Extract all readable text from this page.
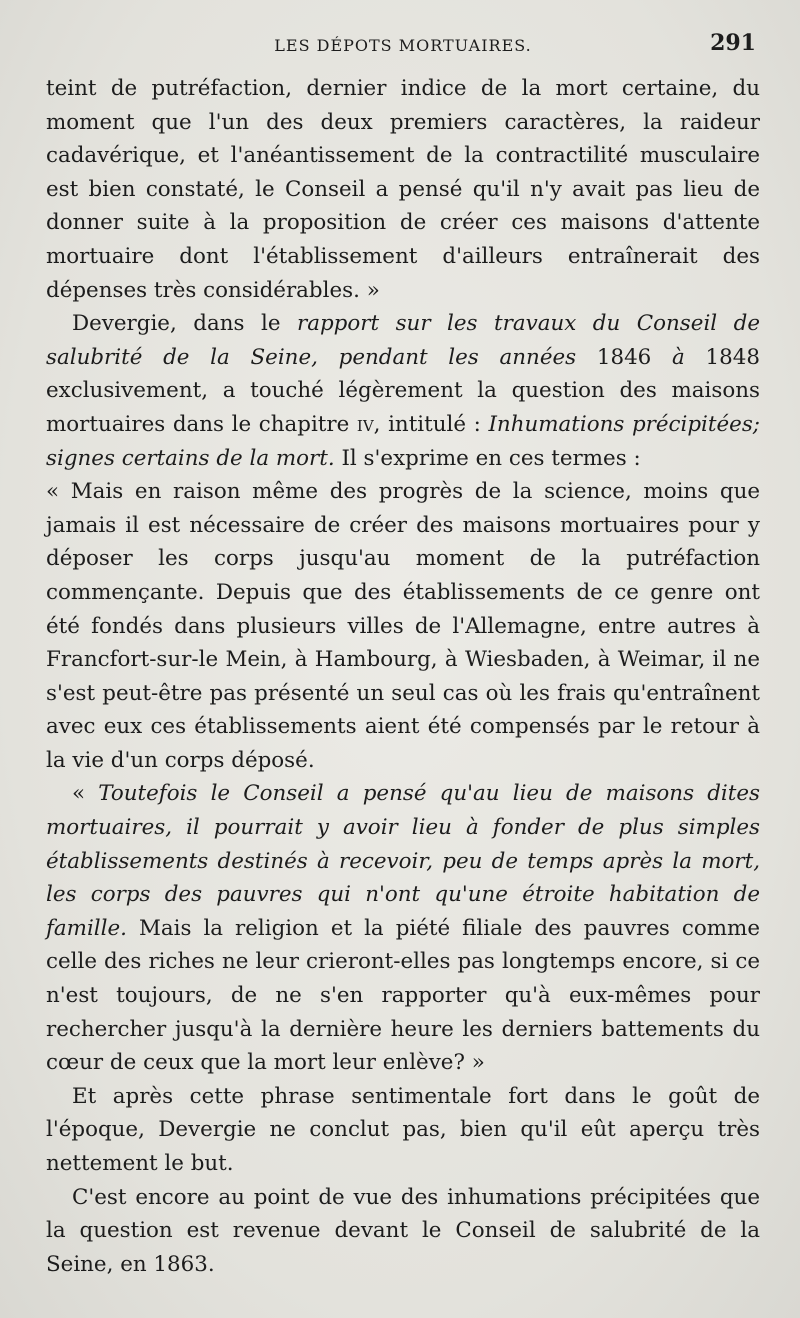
LES DÉPOTS MORTUAIRES.	291

teint de putréfaction, dernier indice de la mort certaine, du moment que l'un des deux premiers caractères, la raideur cadavérique, et l'anéantissement de la contractilité musculaire est bien constaté, le Conseil a pensé qu'il n'y avait pas lieu de donner suite à la proposition de créer ces maisons d'attente mortuaire dont l'établissement d'ailleurs entraînerait des dépenses très considérables. »

Devergie, dans le rapport sur les travaux du Conseil de salubrité de la Seine, pendant les années 1846 à 1848 exclusivement, a touché légèrement la question des maisons mortuaires dans le chapitre iv, intitulé : Inhumations précipitées; signes certains de la mort. Il s'exprime en ces termes :

« Mais en raison même des progrès de la science, moins que jamais il est nécessaire de créer des maisons mortuaires pour y déposer les corps jusqu'au moment de la putréfaction commençante. Depuis que des établissements de ce genre ont été fondés dans plusieurs villes de l'Allemagne, entre autres à Francfort-sur-le Mein, à Hambourg, à Wiesbaden, à Weimar, il ne s'est peut-être pas présenté un seul cas où les frais qu'entraînent avec eux ces établissements aient été compensés par le retour à la vie d'un corps déposé.

« Toutefois le Conseil a pensé qu'au lieu de maisons dites mortuaires, il pourrait y avoir lieu à fonder de plus simples établissements destinés à recevoir, peu de temps après la mort, les corps des pauvres qui n'ont qu'une étroite habitation de famille. Mais la religion et la piété filiale des pauvres comme celle des riches ne leur crieront-elles pas longtemps encore, si ce n'est toujours, de ne s'en rapporter qu'à eux-mêmes pour rechercher jusqu'à la dernière heure les derniers battements du cœur de ceux que la mort leur enlève? »

Et après cette phrase sentimentale fort dans le goût de l'époque, Devergie ne conclut pas, bien qu'il eût aperçu très nettement le but.

C'est encore au point de vue des inhumations précipitées que la question est revenue devant le Conseil de salubrité de la Seine, en 1863.
